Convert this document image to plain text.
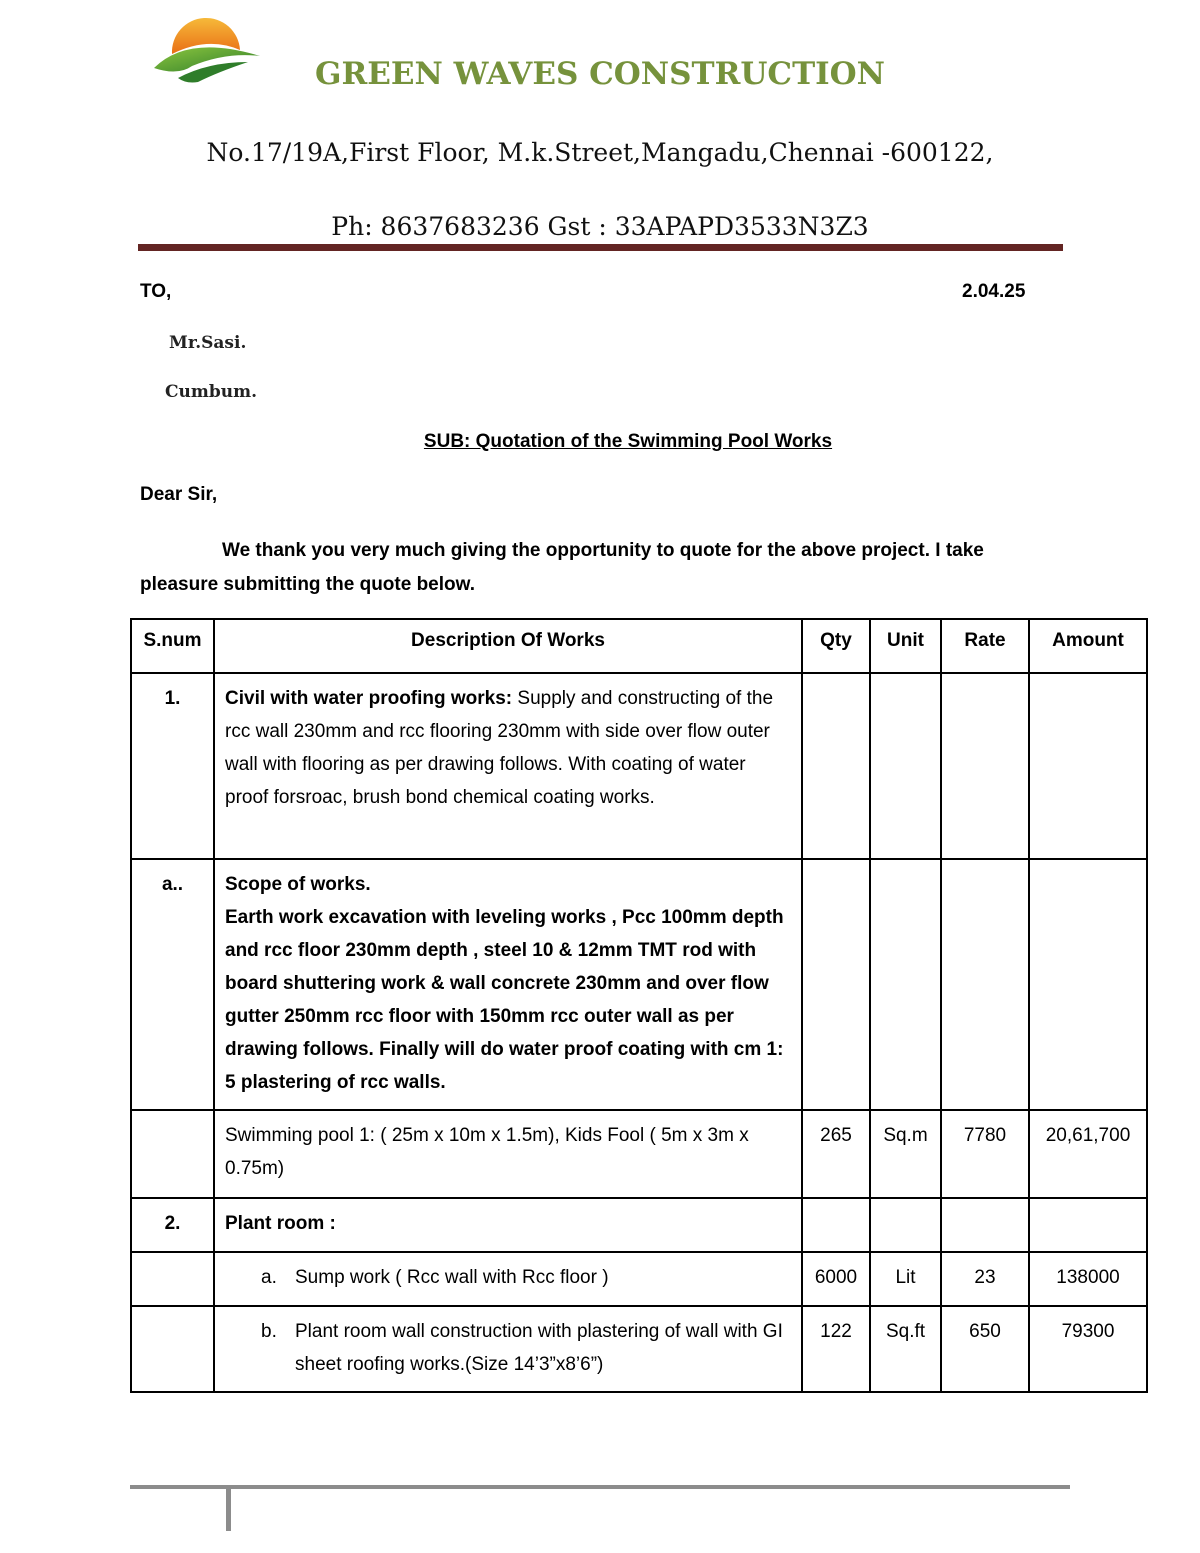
GREEN WAVES CONSTRUCTION
No.17/19A,First Floor, M.k.Street,Mangadu,Chennai -600122,
Ph: 8637683236 Gst : 33APAPD3533N3Z3
TO,	2.04.25
Mr.Sasi.
Cumbum.
SUB: Quotation of the Swimming Pool Works
Dear Sir,
We thank you very much giving the opportunity to quote for the above project. I take
pleasure submitting the quote below.
S.num	Description Of Works	Qty	Unit	Rate	Amount
1.	Civil with water proofing works: Supply and constructing of the rcc wall 230mm and rcc flooring 230mm with side over flow outer wall with flooring as per drawing follows. With coating of water proof forsroac, brush bond chemical coating works.				
a..	Scope of works.
Earth work excavation with leveling works , Pcc 100mm depth and rcc floor 230mm depth , steel 10 & 12mm TMT rod with board shuttering work & wall concrete 230mm and over flow gutter 250mm rcc floor with 150mm rcc outer wall as per drawing follows. Finally will do water proof coating with cm 1: 5 plastering of rcc walls.				

	Swimming pool 1: ( 25m x 10m x 1.5m), Kids Fool ( 5m x 3m x 0.75m)	265	Sq.m	7780	20,61,700
2.	Plant room :				

	a. Sump work ( Rcc wall with Rcc floor )	6000	Lit	23	138000

	b. Plant room wall construction with plastering of wall with GI sheet roofing works.(Size 14’3”x8’6”)	122	Sq.ft	650	79300
